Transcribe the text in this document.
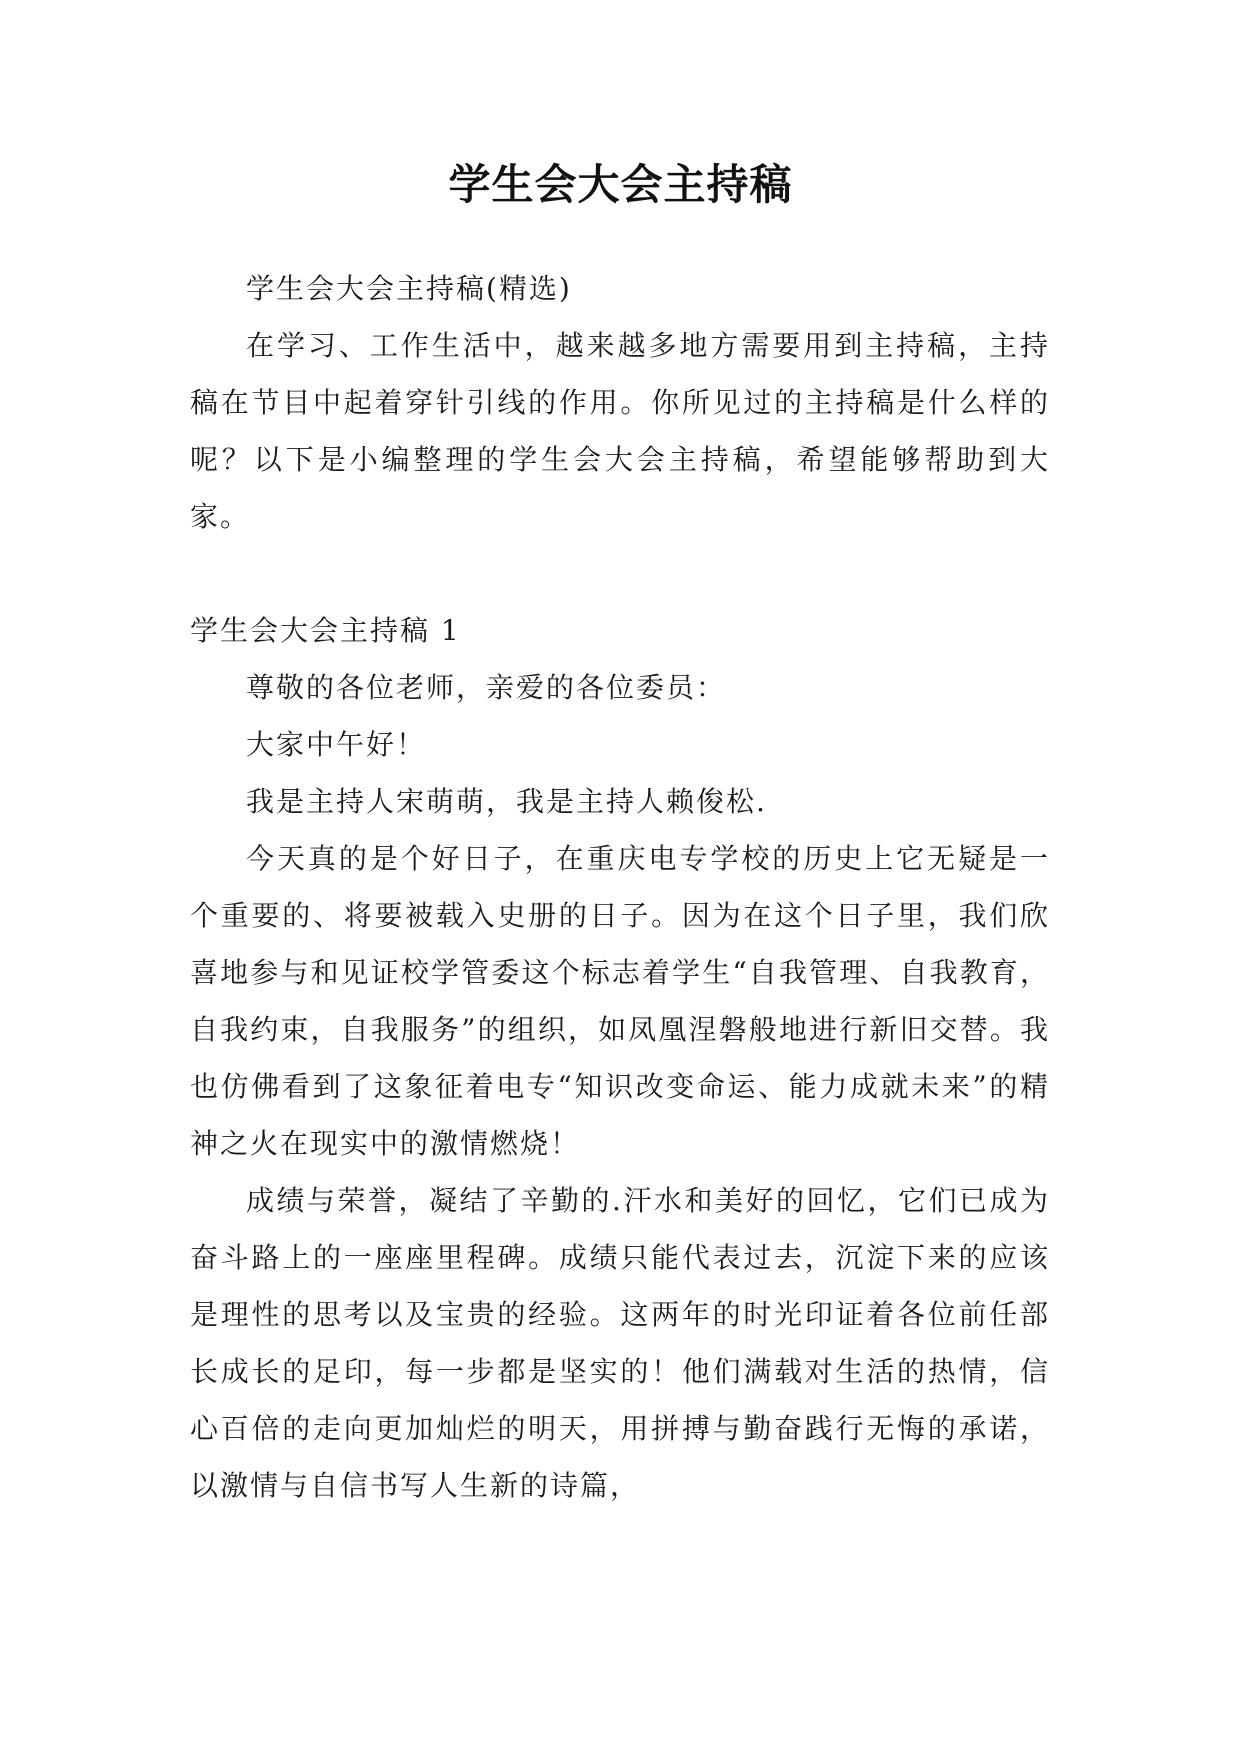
学生会大会主持稿

学生会大会主持稿(精选)

在学习、工作生活中，越来越多地方需要用到主持稿，主持稿在节目中起着穿针引线的作用。你所见过的主持稿是什么样的呢？以下是小编整理的学生会大会主持稿，希望能够帮助到大家。

学生会大会主持稿 1

尊敬的各位老师，亲爱的各位委员：

大家中午好！

我是主持人宋萌萌，我是主持人赖俊松.

今天真的是个好日子，在重庆电专学校的历史上它无疑是一个重要的、将要被载入史册的日子。因为在这个日子里，我们欣喜地参与和见证校学管委这个标志着学生“自我管理、自我教育，自我约束，自我服务”的组织，如凤凰涅磐般地进行新旧交替。我也仿佛看到了这象征着电专“知识改变命运、能力成就未来”的精神之火在现实中的激情燃烧！

成绩与荣誉，凝结了辛勤的.汗水和美好的回忆，它们已成为奋斗路上的一座座里程碑。成绩只能代表过去，沉淀下来的应该是理性的思考以及宝贵的经验。这两年的时光印证着各位前任部长成长的足印，每一步都是坚实的！他们满载对生活的热情，信心百倍的走向更加灿烂的明天，用拼搏与勤奋践行无悔的承诺，以激情与自信书写人生新的诗篇，
